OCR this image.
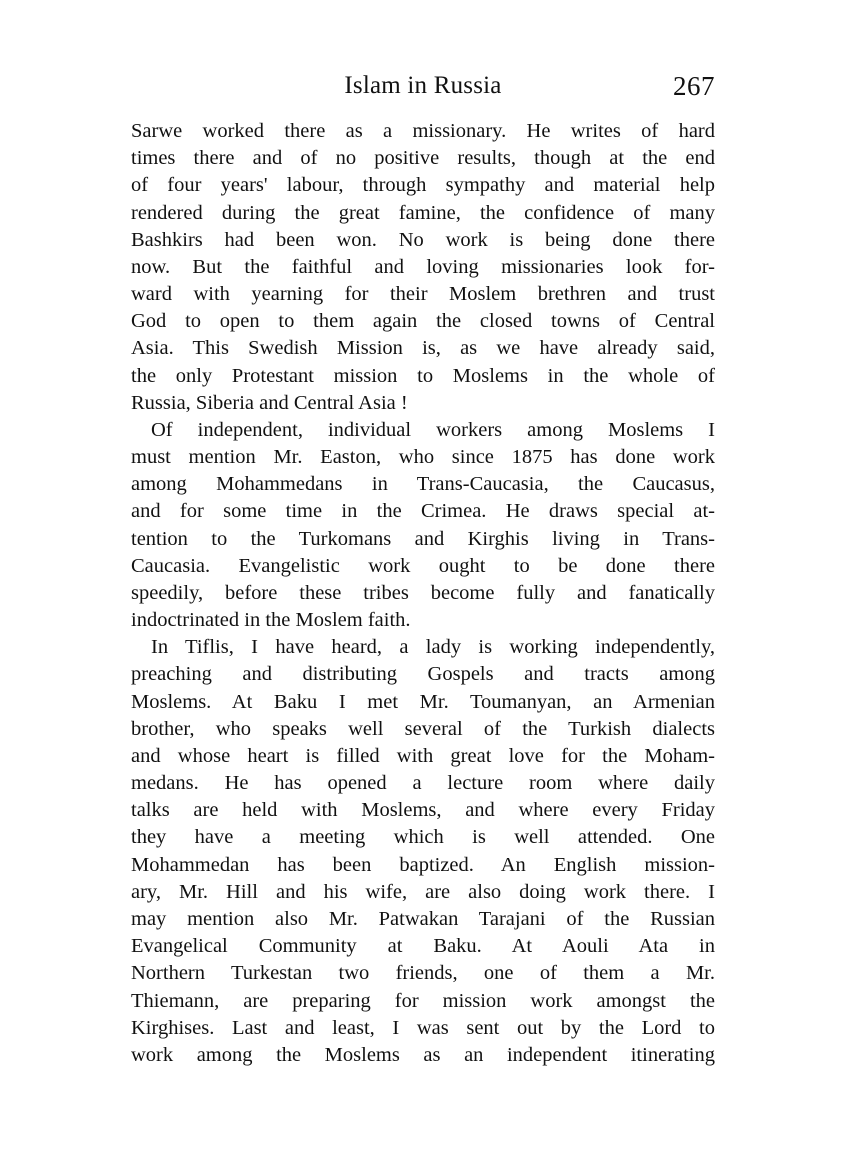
Islam in Russia	267
Sarwe worked there as a missionary. He writes of hard
times there and of no positive results, though at the end
of four years' labour, through sympathy and material help
rendered during the great famine, the confidence of many
Bashkirs had been won. No work is being done there
now. But the faithful and loving missionaries look for-
ward with yearning for their Moslem brethren and trust
God to open to them again the closed towns of Central
Asia. This Swedish Mission is, as we have already said,
the only Protestant mission to Moslems in the whole of
Russia, Siberia and Central Asia !
Of independent, individual workers among Moslems I
must mention Mr. Easton, who since 1875 has done work
among Mohammedans in Trans-Caucasia, the Caucasus,
and for some time in the Crimea. He draws special at-
tention to the Turkomans and Kirghis living in Trans-
Caucasia. Evangelistic work ought to be done there
speedily, before these tribes become fully and fanatically
indoctrinated in the Moslem faith.
In Tiflis, I have heard, a lady is working independently,
preaching and distributing Gospels and tracts among
Moslems. At Baku I met Mr. Toumanyan, an Armenian
brother, who speaks well several of the Turkish dialects
and whose heart is filled with great love for the Moham-
medans. He has opened a lecture room where daily
talks are held with Moslems, and where every Friday
they have a meeting which is well attended. One
Mohammedan has been baptized. An English mission-
ary, Mr. Hill and his wife, are also doing work there. I
may mention also Mr. Patwakan Tarajani of the Russian
Evangelical Community at Baku. At Aouli Ata in
Northern Turkestan two friends, one of them a Mr.
Thiemann, are preparing for mission work amongst the
Kirghises. Last and least, I was sent out by the Lord to
work among the Moslems as an independent itinerating
